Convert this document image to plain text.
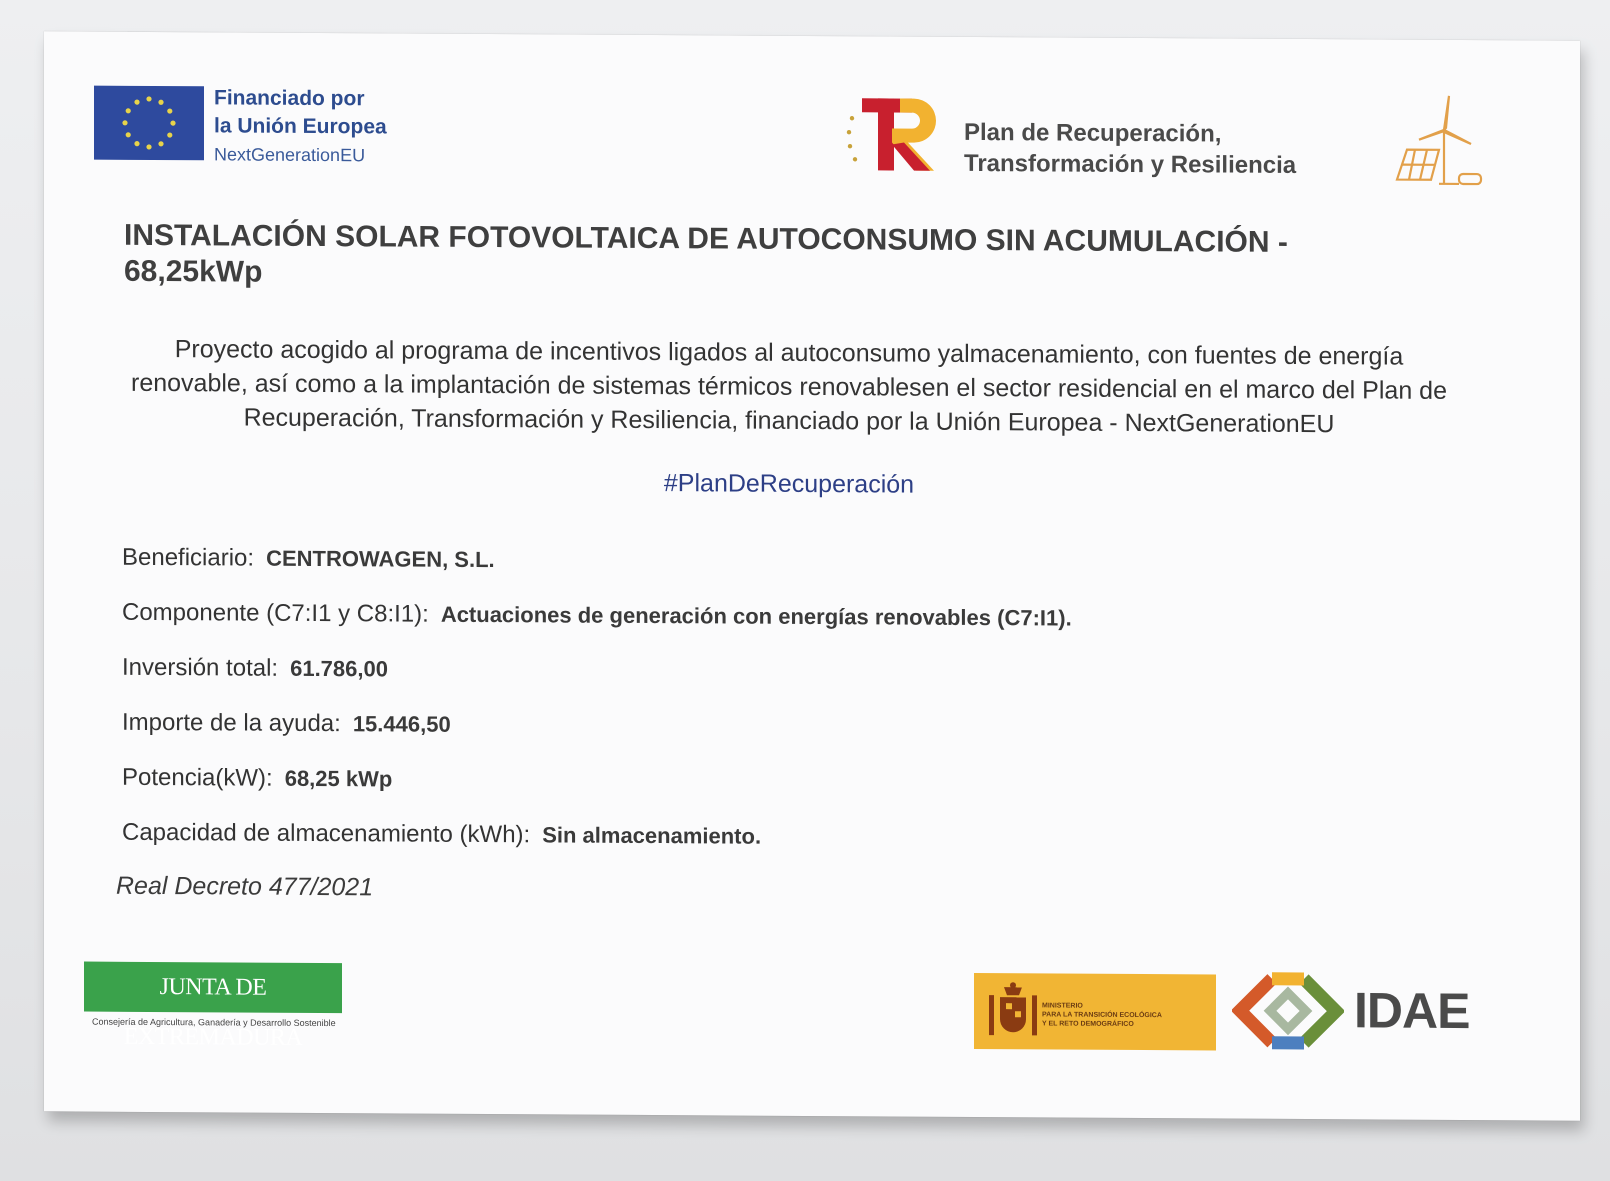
Financiado por
la Unión Europea
NextGenerationEU
Plan de Recuperación,
Transformación y Resiliencia
INSTALACIÓN SOLAR FOTOVOLTAICA DE AUTOCONSUMO SIN ACUMULACIÓN - 68,25kWp

Proyecto acogido al programa de incentivos ligados al autoconsumo yalmacenamiento, con fuentes de energía renovable, así como a la implantación de sistemas térmicos renovablesen el sector residencial en el marco del Plan de Recuperación, Transformación y Resiliencia, financiado por la Unión Europea - NextGenerationEU

#PlanDeRecuperación
Beneficiario: CENTROWAGEN, S.L.
Componente (C7:I1 y C8:I1): Actuaciones de generación con energías renovables (C7:I1).
Inversión total: 61.786,00
Importe de la ayuda: 15.446,50
Potencia(kW): 68,25 kWp
Capacidad de almacenamiento (kWh): Sin almacenamiento.
Real Decreto 477/2021
JUNTA DE EXTREMADURA
Consejería de Agricultura, Ganadería y Desarrollo Sostenible
MINISTERIO
PARA LA TRANSICIÓN ECOLÓGICA
Y EL RETO DEMOGRÁFICO	IDAE
